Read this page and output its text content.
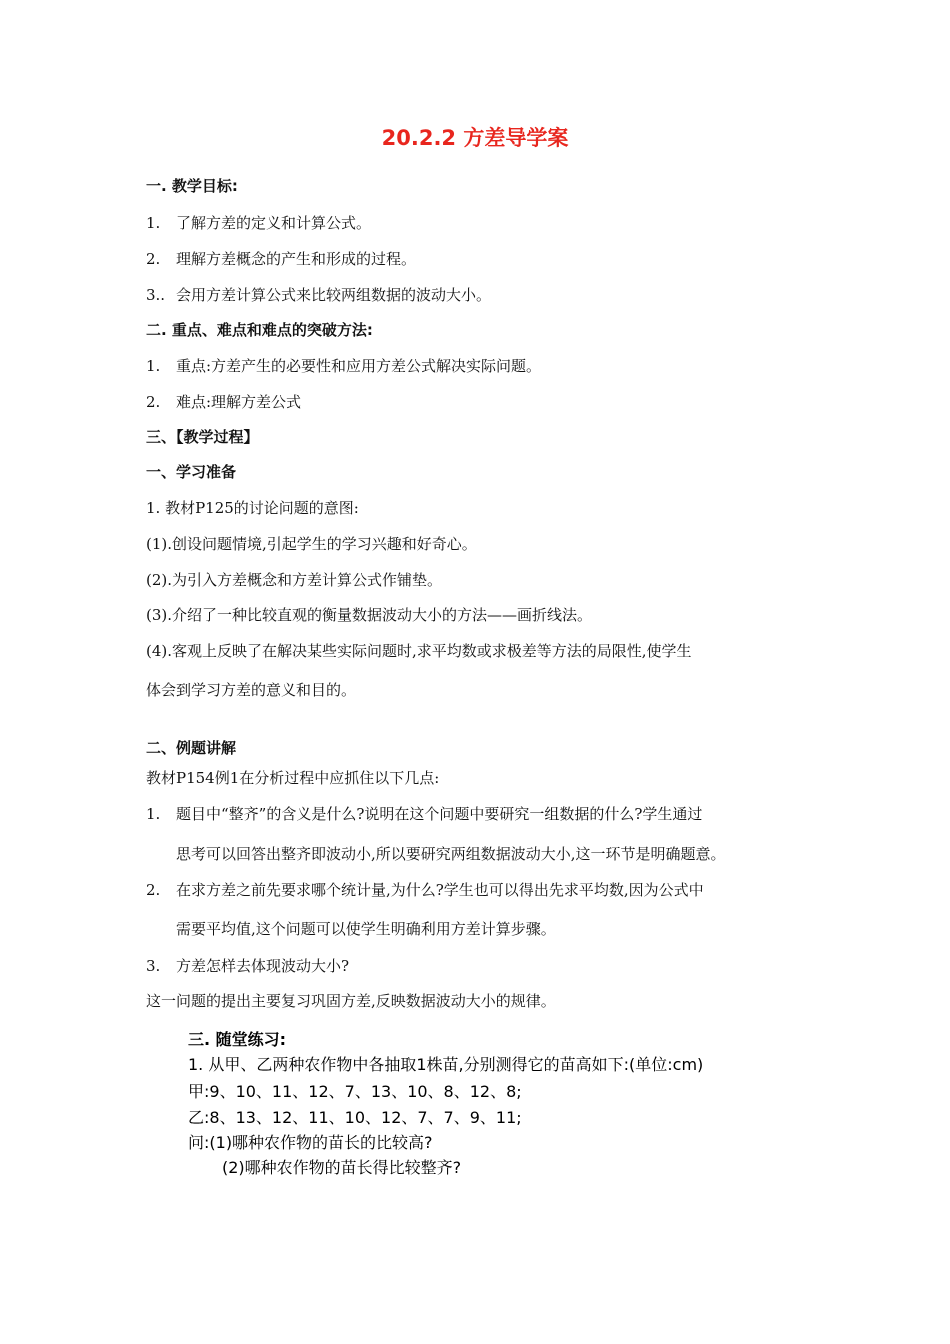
20.2.2 方差导学案
一. 教学目标:
1. 了解方差的定义和计算公式。
2. 理解方差概念的产生和形成的过程。
3.. 会用方差计算公式来比较两组数据的波动大小。
二. 重点、难点和难点的突破方法:
1. 重点:方差产生的必要性和应用方差公式解决实际问题。
2. 难点:理解方差公式
三、【教学过程】
一、学习准备
1. 教材P125的讨论问题的意图:
(1).创设问题情境,引起学生的学习兴趣和好奇心。
(2).为引入方差概念和方差计算公式作铺垫。
(3).介绍了一种比较直观的衡量数据波动大小的方法——画折线法。
(4).客观上反映了在解决某些实际问题时,求平均数或求极差等方法的局限性,使学生
体会到学习方差的意义和目的。
二、例题讲解
教材P154例1在分析过程中应抓住以下几点:
1. 题目中“整齐”的含义是什么?说明在这个问题中要研究一组数据的什么?学生通过
思考可以回答出整齐即波动小,所以要研究两组数据波动大小,这一环节是明确题意。
2. 在求方差之前先要求哪个统计量,为什么?学生也可以得出先求平均数,因为公式中
需要平均值,这个问题可以使学生明确利用方差计算步骤。
3. 方差怎样去体现波动大小?
这一问题的提出主要复习巩固方差,反映数据波动大小的规律。
三. 随堂练习:
1. 从甲、乙两种农作物中各抽取1株苗,分别测得它的苗高如下:(单位:cm)
甲:9、10、11、12、7、13、10、8、12、8;
乙:8、13、12、11、10、12、7、7、9、11;
问:(1)哪种农作物的苗长的比较高?
(2)哪种农作物的苗长得比较整齐?
